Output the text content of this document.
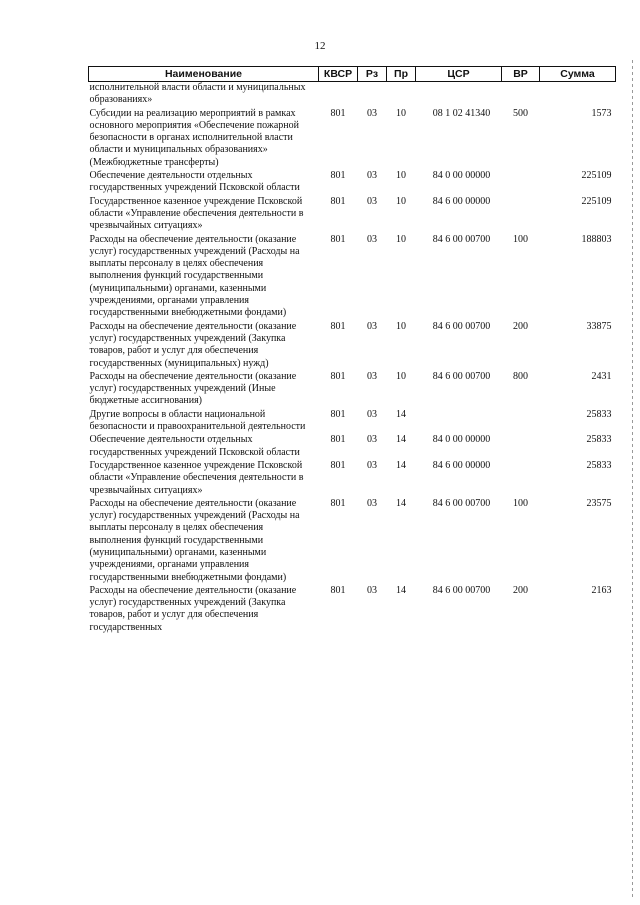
12
Наименование	КВСР	Рз	Пр	ЦСР	ВР	Сумма
исполнительной власти области и муниципальных образованиях»						
Субсидии на реализацию мероприятий в рамках основного мероприятия «Обеспечение пожарной безопасности в органах исполнительной власти области и муниципальных образованиях» (Межбюджетные трансферты)	801	03	10	08 1 02 41340	500	1573
Обеспечение деятельности отдельных государственных учреждений Псковской области	801	03	10	84 0 00 00000		225109
Государственное казенное учреждение Псковской области «Управление обеспечения деятельности в чрезвычайных ситуациях»	801	03	10	84 6 00 00000		225109
Расходы на обеспечение деятельности (оказание услуг) государственных учреждений (Расходы на выплаты персоналу в целях обеспечения выполнения функций государственными (муниципальными) органами, казенными учреждениями, органами управления государственными внебюджетными фондами)	801	03	10	84 6 00 00700	100	188803
Расходы на обеспечение деятельности (оказание услуг) государственных учреждений (Закупка товаров, работ и услуг для обеспечения государственных (муниципальных) нужд)	801	03	10	84 6 00 00700	200	33875
Расходы на обеспечение деятельности (оказание услуг) государственных учреждений (Иные бюджетные ассигнования)	801	03	10	84 6 00 00700	800	2431
Другие вопросы в области национальной безопасности и правоохранительной деятельности	801	03	14			25833
Обеспечение деятельности отдельных государственных учреждений Псковской области	801	03	14	84 0 00 00000		25833
Государственное казенное учреждение Псковской области «Управление обеспечения деятельности в чрезвычайных ситуациях»	801	03	14	84 6 00 00000		25833
Расходы на обеспечение деятельности (оказание услуг) государственных учреждений (Расходы на выплаты персоналу в целях обеспечения выполнения функций государственными (муниципальными) органами, казенными учреждениями, органами управления государственными внебюджетными фондами)	801	03	14	84 6 00 00700	100	23575
Расходы на обеспечение деятельности (оказание услуг) государственных учреждений (Закупка товаров, работ и услуг для обеспечения государственных	801	03	14	84 6 00 00700	200	2163
